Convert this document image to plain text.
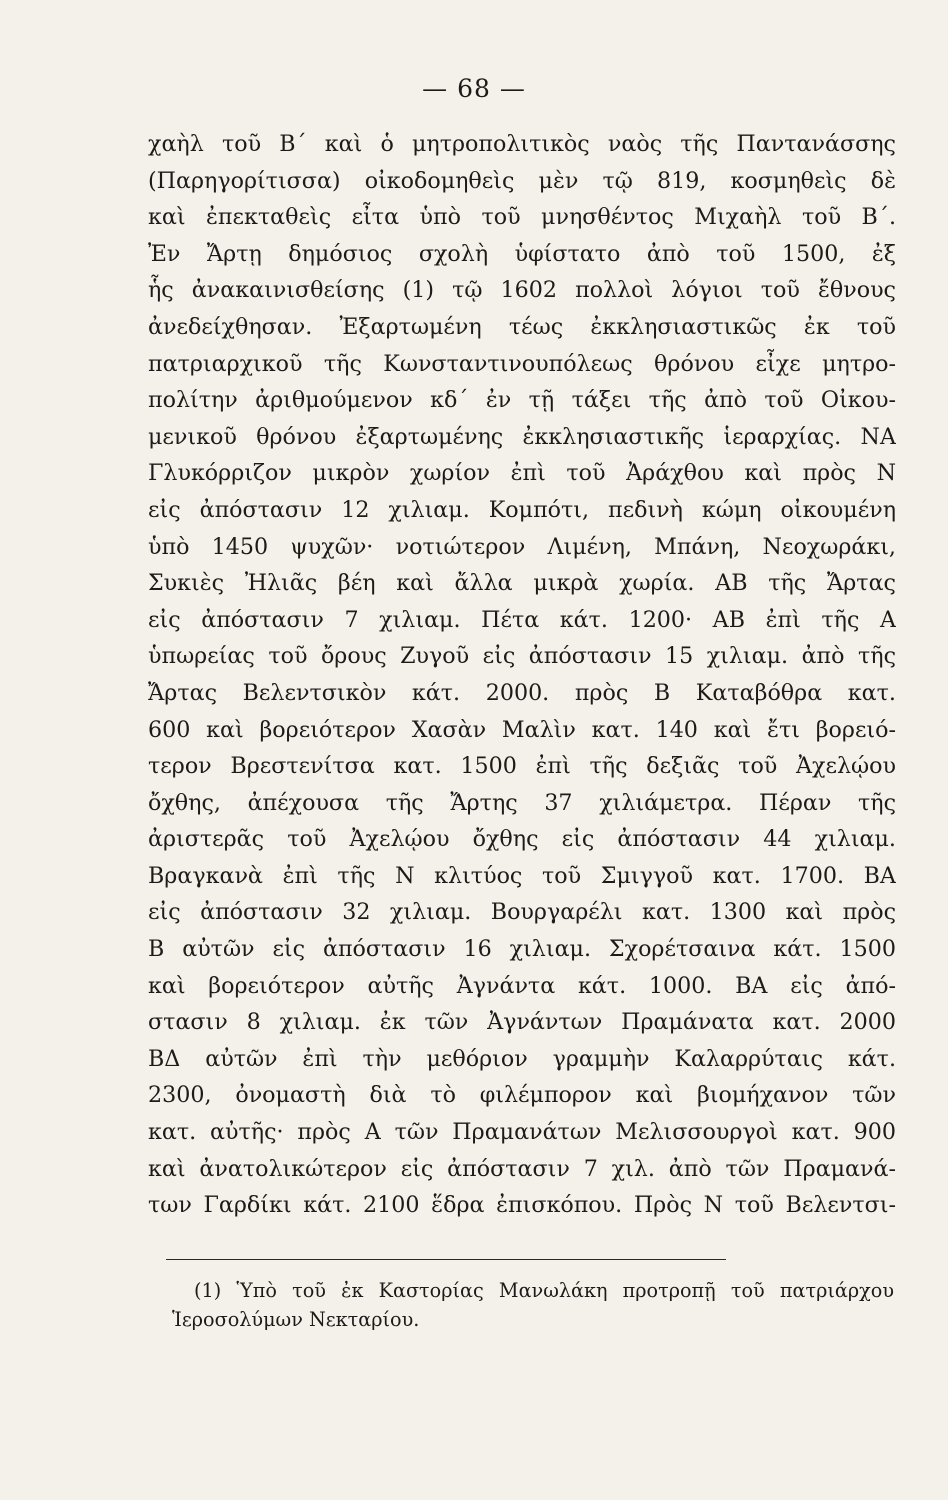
— 68 —
χαὴλ τοῦ Β΄ καὶ ὁ μητροπολιτικὸς ναὸς τῆς Παντανάσσης
(Παρηγορίτισσα) οἰκοδομηθεὶς μὲν τῷ 819, κοσμηθεὶς δὲ
καὶ ἐπεκταθεὶς εἶτα ὑπὸ τοῦ μνησθέντος Μιχαὴλ τοῦ Β΄.
Ἐν Ἄρτῃ δημόσιος σχολὴ ὑφίστατο ἀπὸ τοῦ 1500, ἐξ
ἧς ἀνακαινισθείσης (1) τῷ 1602 πολλοὶ λόγιοι τοῦ ἔθνους
ἀνεδείχθησαν. Ἐξαρτωμένη τέως ἐκκλησιαστικῶς ἐκ τοῦ
πατριαρχικοῦ τῆς Κωνσταντινουπόλεως θρόνου εἶχε μητρο-
πολίτην ἀριθμούμενον κδ΄ ἐν τῇ τάξει τῆς ἀπὸ τοῦ Οἰκου-
μενικοῦ θρόνου ἐξαρτωμένης ἐκκλησιαστικῆς ἱεραρχίας. ΝΑ
Γλυκόρριζον μικρὸν χωρίον ἐπὶ τοῦ Ἀράχθου καὶ πρὸς Ν
εἰς ἀπόστασιν 12 χιλιαμ. Κομπότι, πεδινὴ κώμη οἰκουμένη
ὑπὸ 1450 ψυχῶν· νοτιώτερον Λιμένη, Μπάνη, Νεοχωράκι,
Συκιὲς Ἠλιᾶς βέη καὶ ἄλλα μικρὰ χωρία. ΑΒ τῆς Ἄρτας
εἰς ἀπόστασιν 7 χιλιαμ. Πέτα κάτ. 1200· ΑΒ ἐπὶ τῆς Α
ὑπωρείας τοῦ ὄρους Ζυγοῦ εἰς ἀπόστασιν 15 χιλιαμ. ἀπὸ τῆς
Ἄρτας Βελεντσικὸν κάτ. 2000. πρὸς Β Καταβόθρα κατ.
600 καὶ βορειότερον Χασὰν Μαλὶν κατ. 140 καὶ ἔτι βορειό-
τερον Βρεστενίτσα κατ. 1500 ἐπὶ τῆς δεξιᾶς τοῦ Ἀχελῴου
ὄχθης, ἀπέχουσα τῆς Ἄρτης 37 χιλιάμετρα. Πέραν τῆς
ἀριστερᾶς τοῦ Ἀχελῴου ὄχθης εἰς ἀπόστασιν 44 χιλιαμ.
Βραγκανὰ ἐπὶ τῆς Ν κλιτύος τοῦ Σμιγγοῦ κατ. 1700. ΒΑ
εἰς ἀπόστασιν 32 χιλιαμ. Βουργαρέλι κατ. 1300 καὶ πρὸς
Β αὐτῶν εἰς ἀπόστασιν 16 χιλιαμ. Σχορέτσαινα κάτ. 1500
καὶ βορειότερον αὐτῆς Ἀγνάντα κάτ. 1000. ΒΑ εἰς ἀπό-
στασιν 8 χιλιαμ. ἐκ τῶν Ἀγνάντων Πραμάνατα κατ. 2000
ΒΔ αὐτῶν ἐπὶ τὴν μεθόριον γραμμὴν Καλαρρύταις κάτ.
2300, ὀνομαστὴ διὰ τὸ φιλέμπορον καὶ βιομήχανον τῶν
κατ. αὐτῆς· πρὸς Α τῶν Πραμανάτων Μελισσουργοὶ κατ. 900
καὶ ἀνατολικώτερον εἰς ἀπόστασιν 7 χιλ. ἀπὸ τῶν Πραμανά-
των Γαρδίκι κάτ. 2100 ἕδρα ἐπισκόπου. Πρὸς Ν τοῦ Βελεντσι-
(1) Ὑπὸ τοῦ ἐκ Καστορίας Μανωλάκη προτροπῇ τοῦ πατριάρχου
Ἱεροσολύμων Νεκταρίου.
